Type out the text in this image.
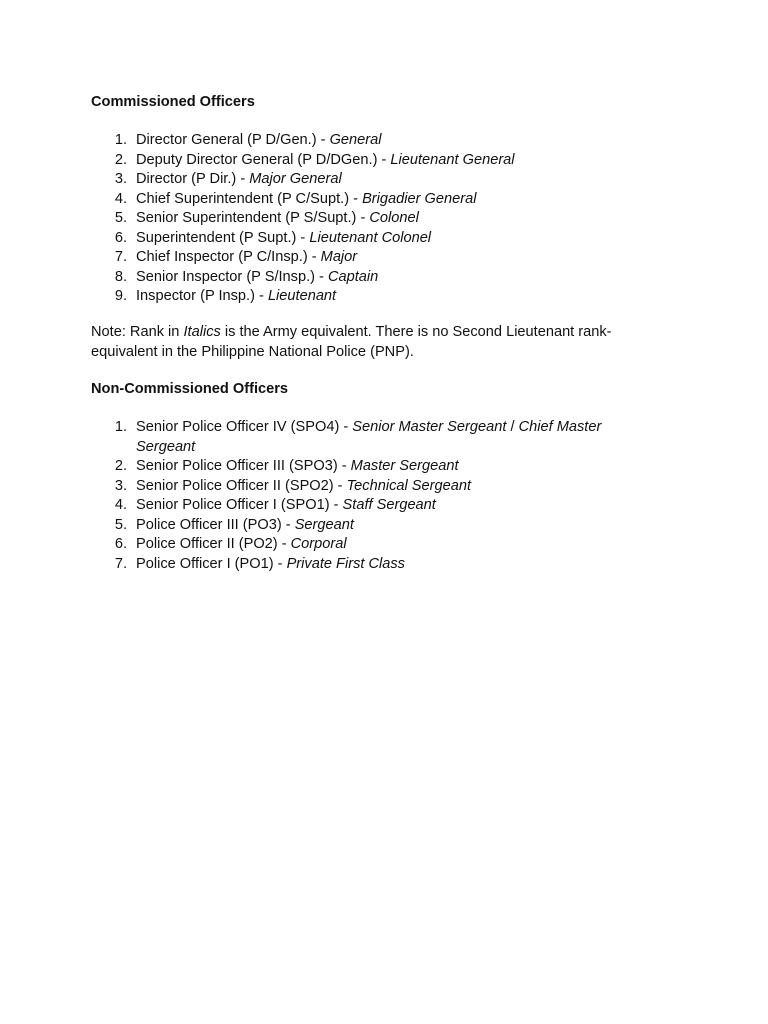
Commissioned Officers
1. Director General (P D/Gen.) - General
2. Deputy Director General (P D/DGen.) - Lieutenant General
3. Director (P Dir.) - Major General
4. Chief Superintendent (P C/Supt.) - Brigadier General
5. Senior Superintendent (P S/Supt.) - Colonel
6. Superintendent (P Supt.) - Lieutenant Colonel
7. Chief Inspector (P C/Insp.) - Major
8. Senior Inspector (P S/Insp.) - Captain
9. Inspector (P Insp.) - Lieutenant

Note: Rank in Italics is the Army equivalent. There is no Second Lieutenant rank-equivalent in the Philippine National Police (PNP).

Non-Commissioned Officers
1. Senior Police Officer IV (SPO4) - Senior Master Sergeant / Chief Master Sergeant
2. Senior Police Officer III (SPO3) - Master Sergeant
3. Senior Police Officer II (SPO2) - Technical Sergeant
4. Senior Police Officer I (SPO1) - Staff Sergeant
5. Police Officer III (PO3) - Sergeant
6. Police Officer II (PO2) - Corporal
7. Police Officer I (PO1) - Private First Class
